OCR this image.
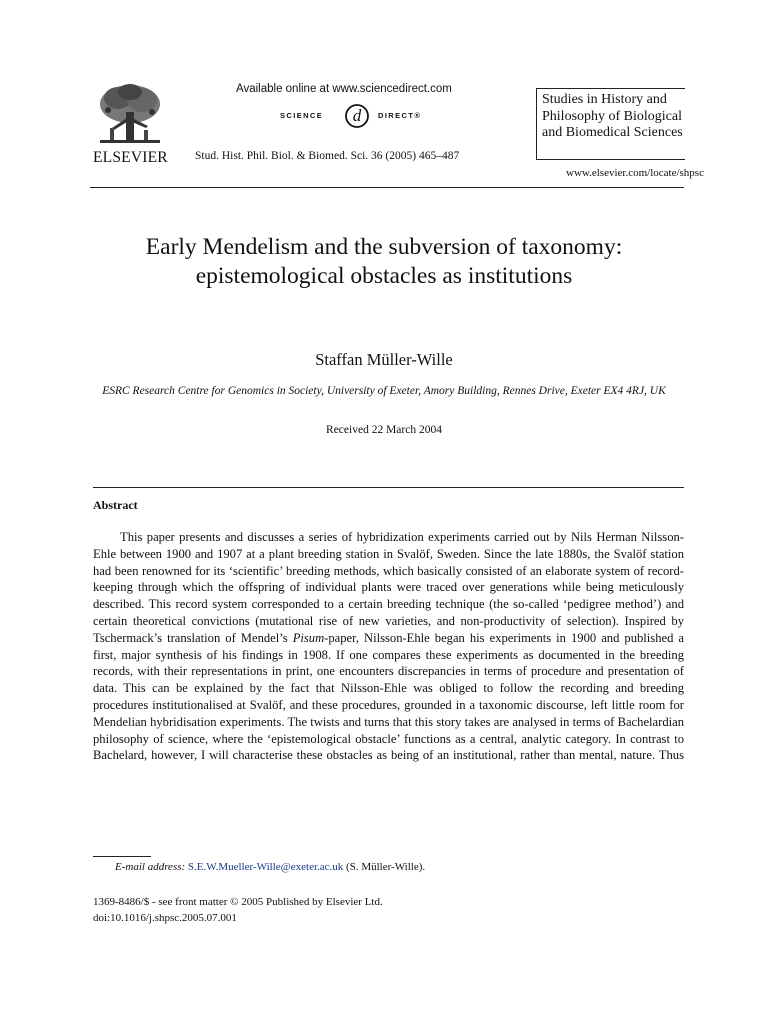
ELSEVIER
Available online at www.sciencedirect.com
SCIENCE d DIRECT®
Stud. Hist. Phil. Biol. & Biomed. Sci. 36 (2005) 465–487
Studies in History and Philosophy of Biological and Biomedical Sciences
www.elsevier.com/locate/shpsc
Early Mendelism and the subversion of taxonomy: epistemological obstacles as institutions
Staffan Müller-Wille
ESRC Research Centre for Genomics in Society, University of Exeter, Amory Building, Rennes Drive, Exeter EX4 4RJ, UK
Received 22 March 2004
Abstract

This paper presents and discusses a series of hybridization experiments carried out by Nils Herman Nilsson-Ehle between 1900 and 1907 at a plant breeding station in Svalöf, Sweden. Since the late 1880s, the Svalöf station had been renowned for its ‘scientific’ breeding methods, which basically consisted of an elaborate system of record-keeping through which the offspring of individual plants were traced over generations while being meticulously described. This record system corresponded to a certain breeding technique (the so-called ‘pedigree method’) and certain theoretical convictions (mutational rise of new varieties, and non-productivity of selection). Inspired by Tschermack’s translation of Mendel’s Pisum-paper, Nilsson-Ehle began his experiments in 1900 and published a first, major synthesis of his findings in 1908. If one compares these experiments as documented in the breeding records, with their representations in print, one encounters discrepancies in terms of procedure and presentation of data. This can be explained by the fact that Nilsson-Ehle was obliged to follow the recording and breeding procedures institutionalised at Svalöf, and these procedures, grounded in a taxonomic discourse, left little room for Mendelian hybridisation experiments. The twists and turns that this story takes are analysed in terms of Bachelardian philosophy of science, where the ‘epistemological obstacle’ functions as a central, analytic category. In contrast to Bachelard, however, I will characterise these obstacles as being of an institutional, rather than mental, nature. Thus

E-mail address: S.E.W.Mueller-Wille@exeter.ac.uk (S. Müller-Wille).
1369-8486/$ - see front matter © 2005 Published by Elsevier Ltd.
doi:10.1016/j.shpsc.2005.07.001
